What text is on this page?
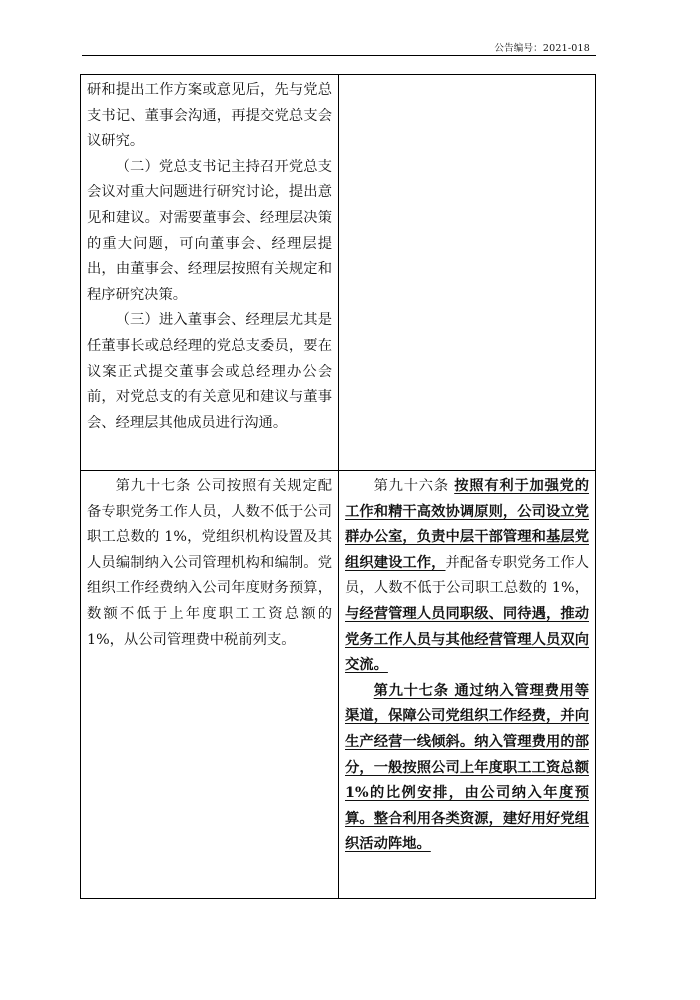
公告编号：2021-018

研和提出工作方案或意见后，先与党总支书记、董事会沟通，再提交党总支会议研究。

（二）党总支书记主持召开党总支会议对重大问题进行研究讨论，提出意见和建议。对需要董事会、经理层决策的重大问题，可向董事会、经理层提出，由董事会、经理层按照有关规定和程序研究决策。

（三）进入董事会、经理层尤其是任董事长或总经理的党总支委员，要在议案正式提交董事会或总经理办公会前，对党总支的有关意见和建议与董事会、经理层其他成员进行沟通。	

第九十七条 公司按照有关规定配备专职党务工作人员，人数不低于公司职工总数的 1%，党组织机构设置及其人员编制纳入公司管理机构和编制。党组织工作经费纳入公司年度财务预算，数额不低于上年度职工工资总额的 1%，从公司管理费中税前列支。	第九十六条 按照有利于加强党的工作和精干高效协调原则，公司设立党群办公室，负责中层干部管理和基层党组织建设工作，并配备专职党务工作人员，人数不低于公司职工总数的 1%，与经营管理人员同职级、同待遇，推动党务工作人员与其他经营管理人员双向交流。

第九十七条 通过纳入管理费用等渠道，保障公司党组织工作经费，并向生产经营一线倾斜。纳入管理费用的部分，一般按照公司上年度职工工资总额1%的比例安排，由公司纳入年度预算。整合利用各类资源，建好用好党组织活动阵地。
